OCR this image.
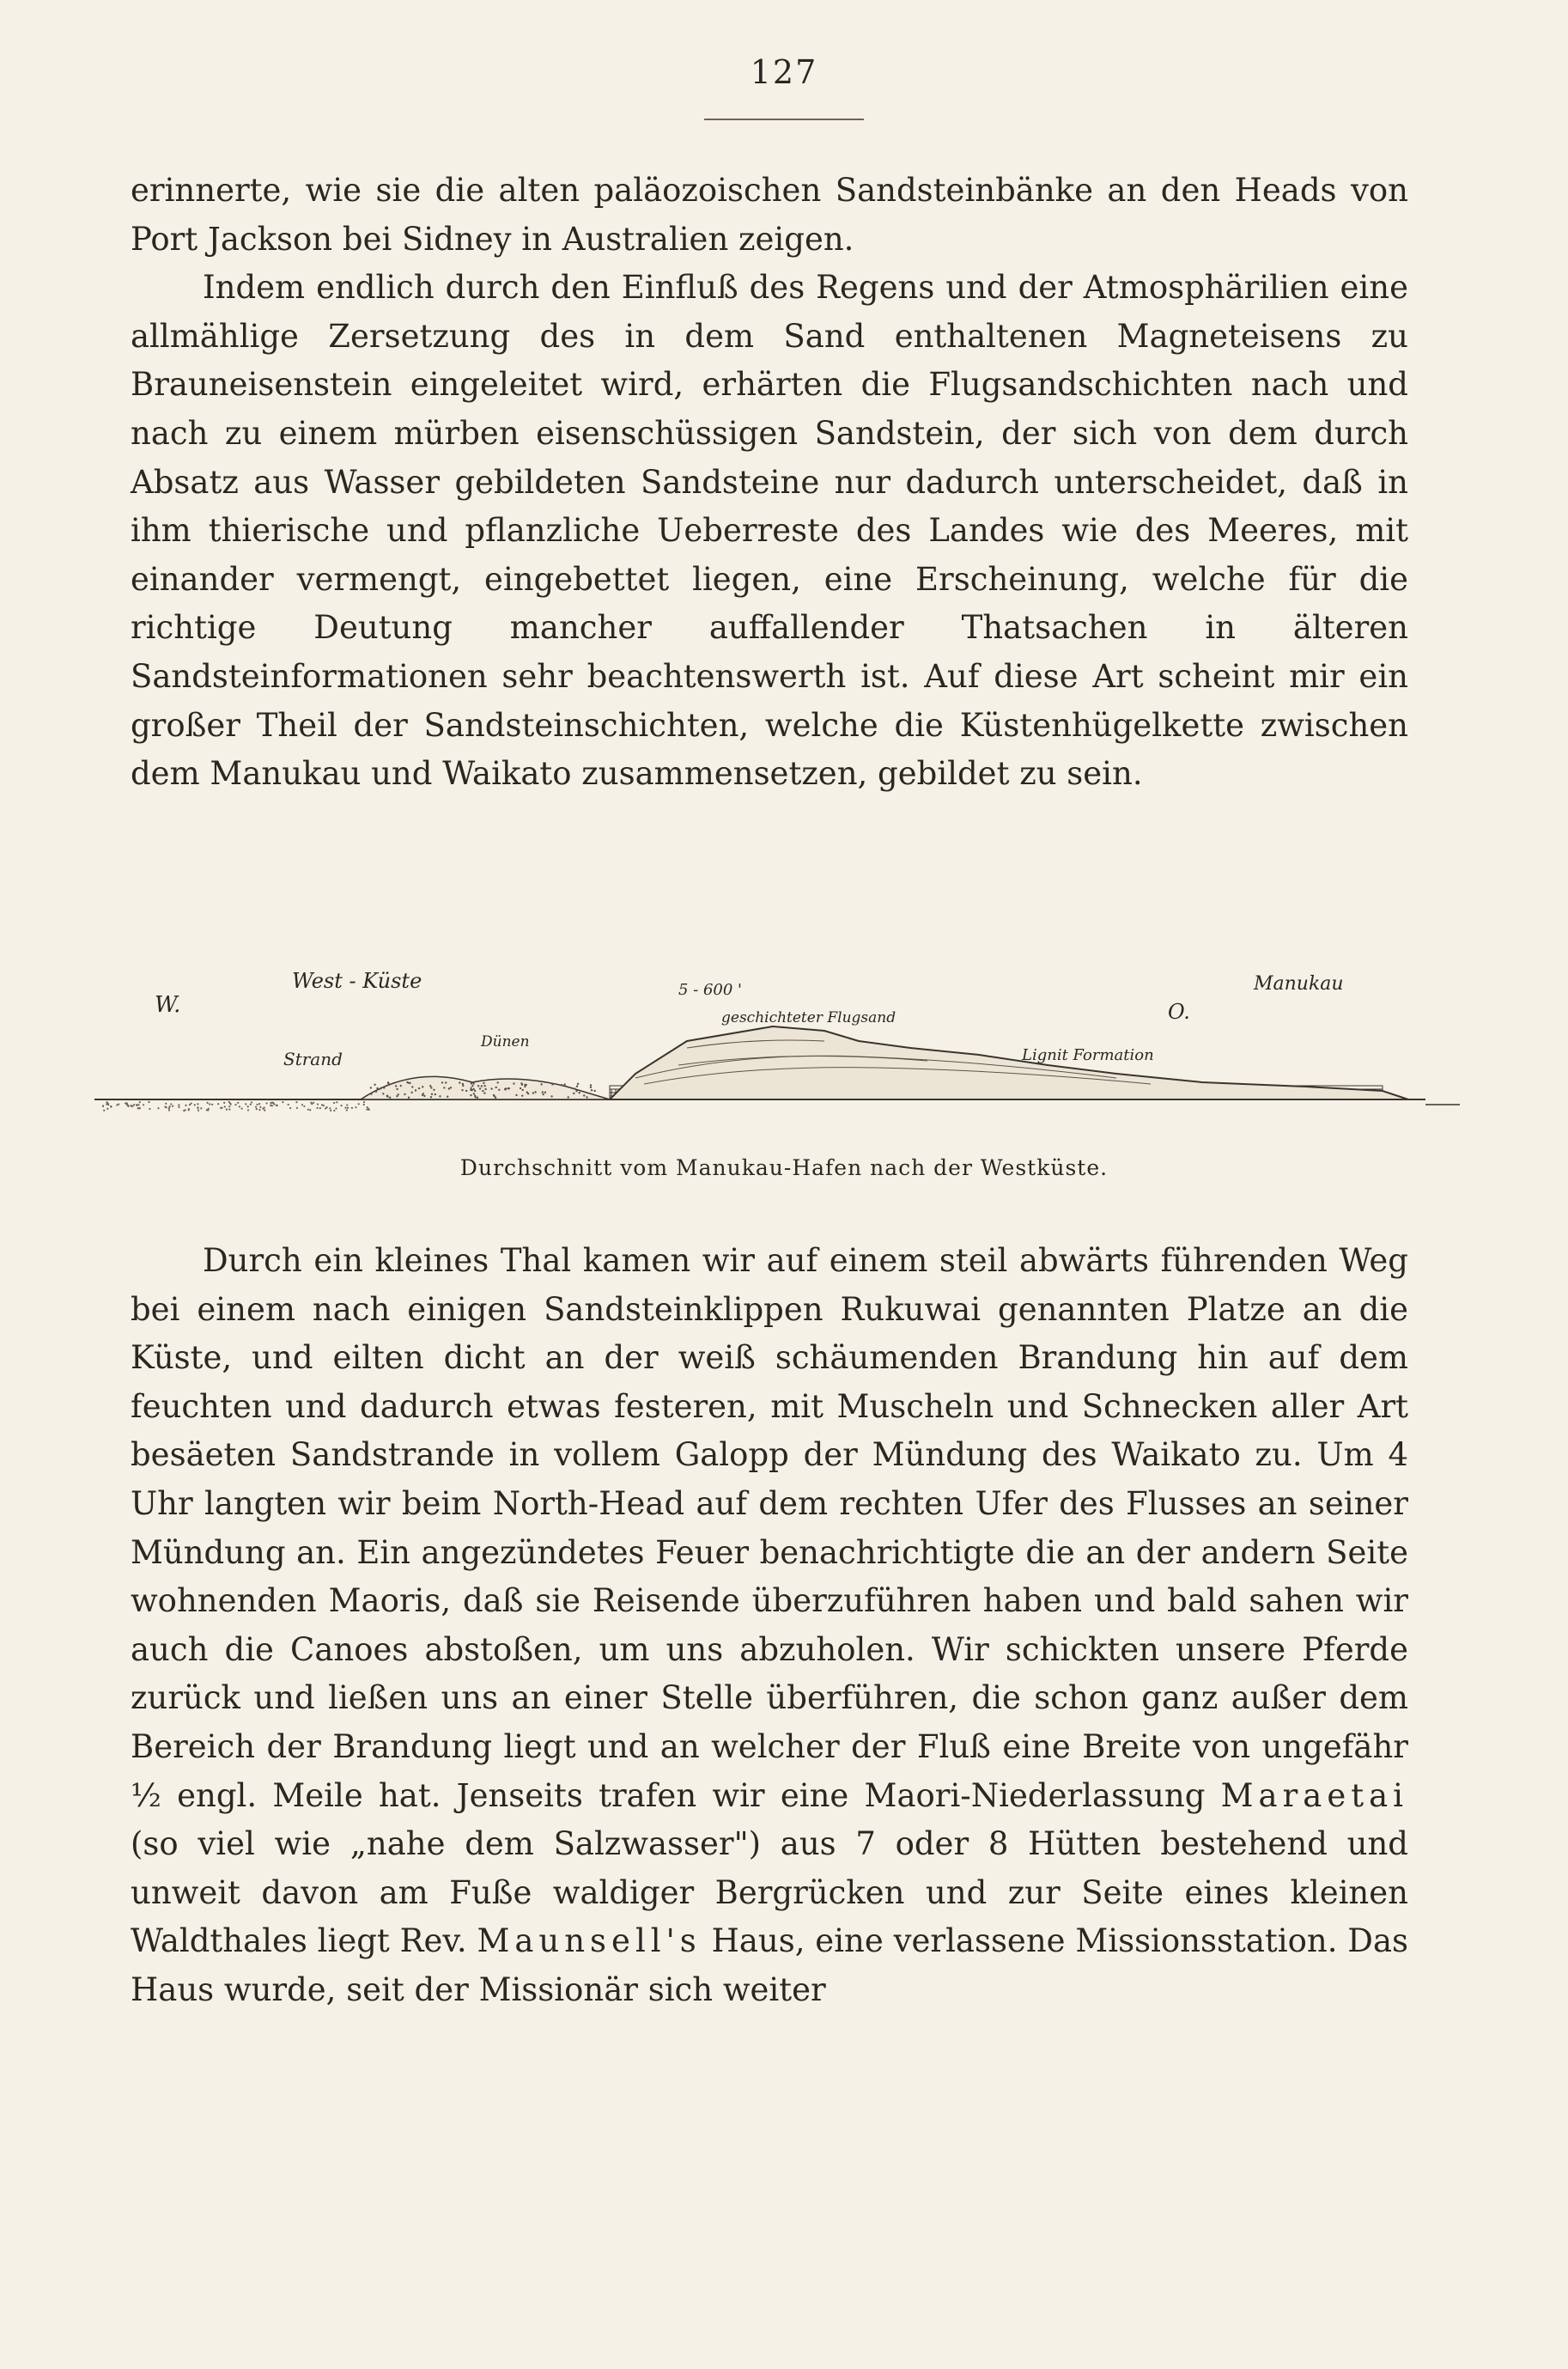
127

erinnerte, wie sie die alten paläozoischen Sandsteinbänke an den Heads von Port Jackson bei Sidney in Australien zeigen.

Indem endlich durch den Einfluß des Regens und der Atmosphärilien eine allmählige Zersetzung des in dem Sand enthaltenen Magneteisens zu Brauneisenstein eingeleitet wird, erhärten die Flugsandschichten nach und nach zu einem mürben eisenschüssigen Sandstein, der sich von dem durch Absatz aus Wasser gebildeten Sandsteine nur dadurch unterscheidet, daß in ihm thierische und pflanzliche Ueberreste des Landes wie des Meeres, mit einander vermengt, eingebettet liegen, eine Erscheinung, welche für die richtige Deutung mancher auffallender Thatsachen in älteren Sandsteinformationen sehr beachtenswerth ist. Auf diese Art scheint mir ein großer Theil der Sandsteinschichten, welche die Küstenhügelkette zwischen dem Manukau und Waikato zusammensetzen, gebildet zu sein.

W.
West - Küste	5 - 600 '
geschichteter Flugsand
Manukau
O.
Dünen
Strand	Lignit Formation
Durchschnitt vom Manukau-Hafen nach der Westküste.

Durch ein kleines Thal kamen wir auf einem steil abwärts führenden Weg bei einem nach einigen Sandsteinklippen Rukuwai genannten Platze an die Küste, und eilten dicht an der weiß schäumenden Brandung hin auf dem feuchten und dadurch etwas festeren, mit Muscheln und Schnecken aller Art besäeten Sandstrande in vollem Galopp der Mündung des Waikato zu. Um 4 Uhr langten wir beim North-Head auf dem rechten Ufer des Flusses an seiner Mündung an. Ein angezündetes Feuer benachrichtigte die an der andern Seite wohnenden Maoris, daß sie Reisende überzuführen haben und bald sahen wir auch die Canoes abstoßen, um uns abzuholen. Wir schickten unsere Pferde zurück und ließen uns an einer Stelle überführen, die schon ganz außer dem Bereich der Brandung liegt und an welcher der Fluß eine Breite von ungefähr ½ engl. Meile hat. Jenseits trafen wir eine Maori-Niederlassung Maraetai (so viel wie „nahe dem Salzwasser") aus 7 oder 8 Hütten bestehend und unweit davon am Fuße waldiger Bergrücken und zur Seite eines kleinen Waldthales liegt Rev. Maunsell's Haus, eine verlassene Missionsstation. Das Haus wurde, seit der Missionär sich weiter
